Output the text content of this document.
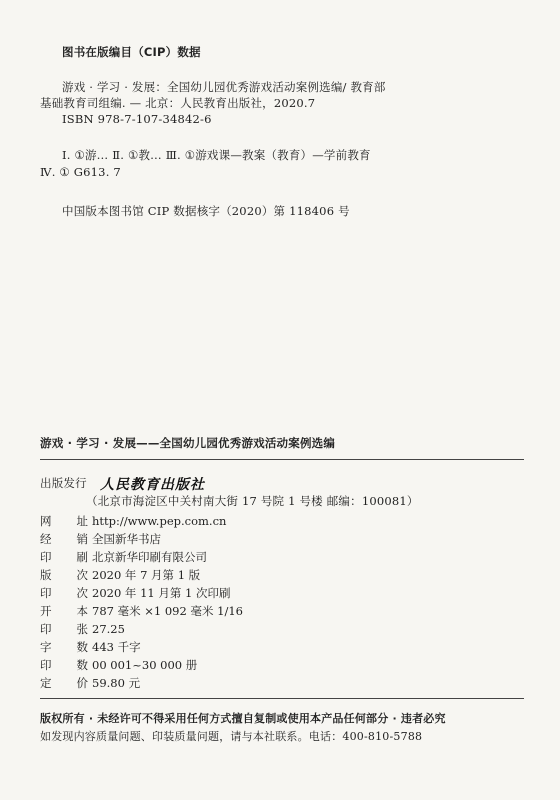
图书在版编目（CIP）数据
游戏 · 学习 · 发展：全国幼儿园优秀游戏活动案例选编/ 教育部
基础教育司组编. — 北京：人民教育出版社，2020.7
ISBN 978-7-107-34842-6
Ⅰ. ①游… Ⅱ. ①教… Ⅲ. ①游戏课—教案（教育）—学前教育
Ⅳ. ① G613. 7
中国版本图书馆 CIP 数据核字（2020）第 118406 号
游戏 · 学习 · 发展——全国幼儿园优秀游戏活动案例选编
出版发行 人民教育出版社
（北京市海淀区中关村南大街 17 号院 1 号楼 邮编：100081）
网 址 http://www.pep.com.cn
经 销 全国新华书店
印 刷 北京新华印刷有限公司
版 次 2020 年 7 月第 1 版
印 次 2020 年 11 月第 1 次印刷
开 本 787 毫米 ×1 092 毫米 1/16
印 张 27.25
字 数 443 千字
印 数 00 001~30 000 册
定 价 59.80 元
版权所有 · 未经许可不得采用任何方式擅自复制或使用本产品任何部分 · 违者必究
如发现内容质量问题、印装质量问题，请与本社联系。电话：400-810-5788
